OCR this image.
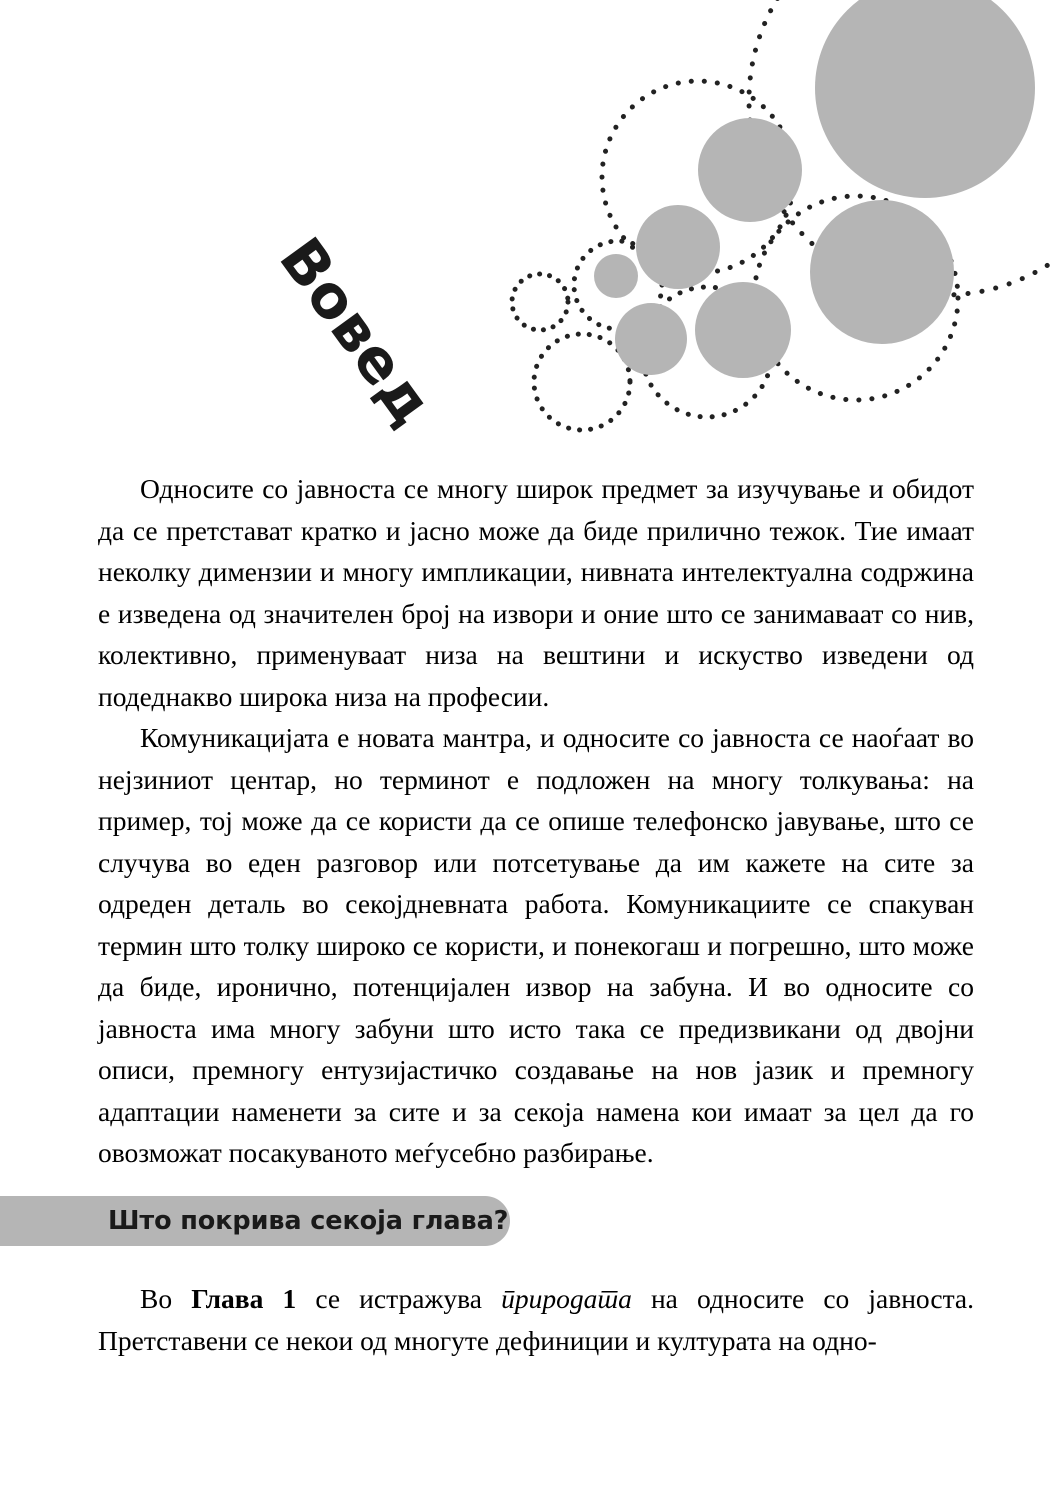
Вовед

Односите со јавноста се многу широк предмет за изучување и обидот да се претстават кратко и јасно може да биде прилично тежок. Тие имаат неколку димензии и многу импликации, нивната интелектуална содржина е изведена од значителен број на извори и оние што се занимаваат со нив, колективно, применуваат низа на вештини и искуство изведени од подеднакво широка низа на професии.

Комуникацијата е новата мантра, и односите со јавноста се наоѓаат во нејзиниот центар, но терминот е подложен на многу толкувања: на пример, тој може да се користи да се опише телефонско јавување, што се случува во еден разговор или потсетување да им кажете на сите за одреден деталь во секојдневната работа. Комуникациите се спакуван термин што толку широко се користи, и понекогаш и погрешно, што може да биде, иронично, потенцијален извор на забуна. И во односите со јавноста има многу забуни што исто така се предизвикани од двојни описи, премногу ентузијастичко создавање на нов јазик и премногу адаптации наменети за сите и за секоја намена кои имаат за цел да го овозможат посакуваното меѓусебно разбирање.

Што покрива секоја глава?

Во Глава 1 се истражува природата на односите со јавноста. Претставени се некои од многуте дефиниции и културата на одно-
